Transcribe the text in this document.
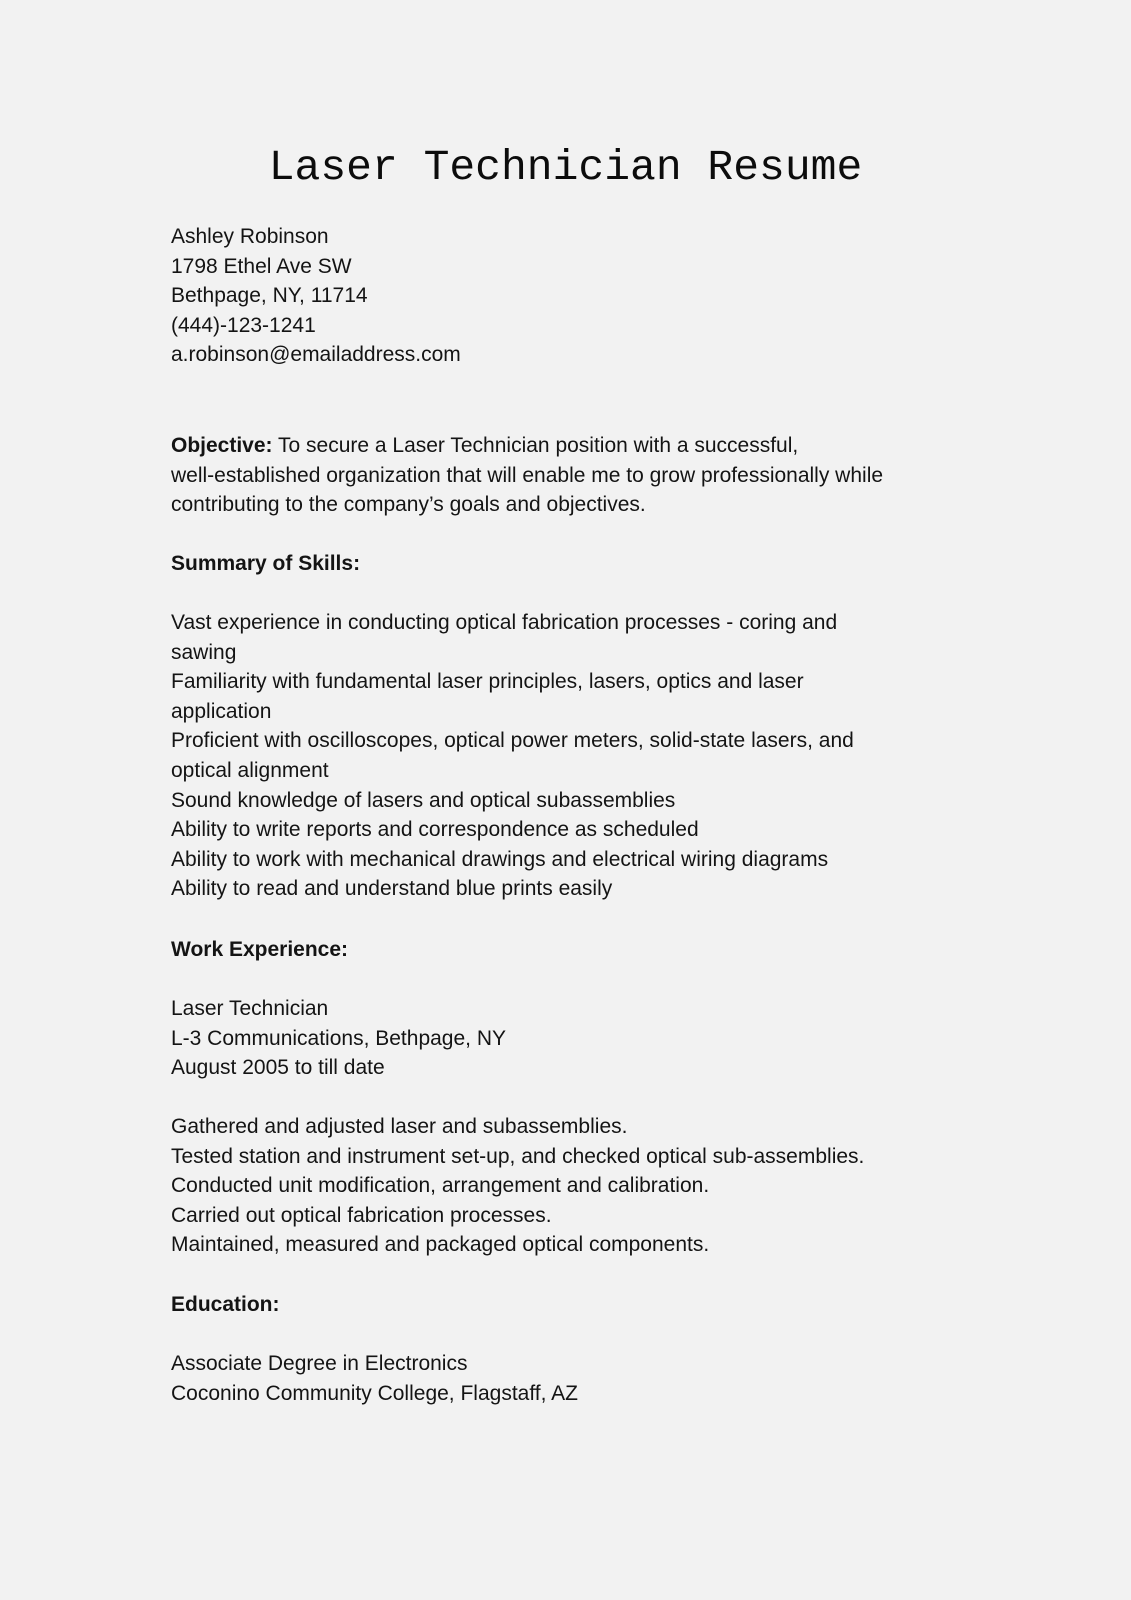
Laser Technician Resume
Ashley Robinson
1798 Ethel Ave SW
Bethpage, NY, 11714
(444)-123-1241
a.robinson@emailaddress.com
Objective: To secure a Laser Technician position with a successful,
well-established organization that will enable me to grow professionally while
contributing to the company’s goals and objectives.
Summary of Skills:
Vast experience in conducting optical fabrication processes - coring and
sawing
Familiarity with fundamental laser principles, lasers, optics and laser
application
Proficient with oscilloscopes, optical power meters, solid-state lasers, and
optical alignment
Sound knowledge of lasers and optical subassemblies
Ability to write reports and correspondence as scheduled
Ability to work with mechanical drawings and electrical wiring diagrams
Ability to read and understand blue prints easily
Work Experience:
Laser Technician
L-3 Communications, Bethpage, NY
August 2005 to till date
Gathered and adjusted laser and subassemblies.
Tested station and instrument set-up, and checked optical sub-assemblies.
Conducted unit modification, arrangement and calibration.
Carried out optical fabrication processes.
Maintained, measured and packaged optical components.
Education:
Associate Degree in Electronics
Coconino Community College, Flagstaff, AZ
